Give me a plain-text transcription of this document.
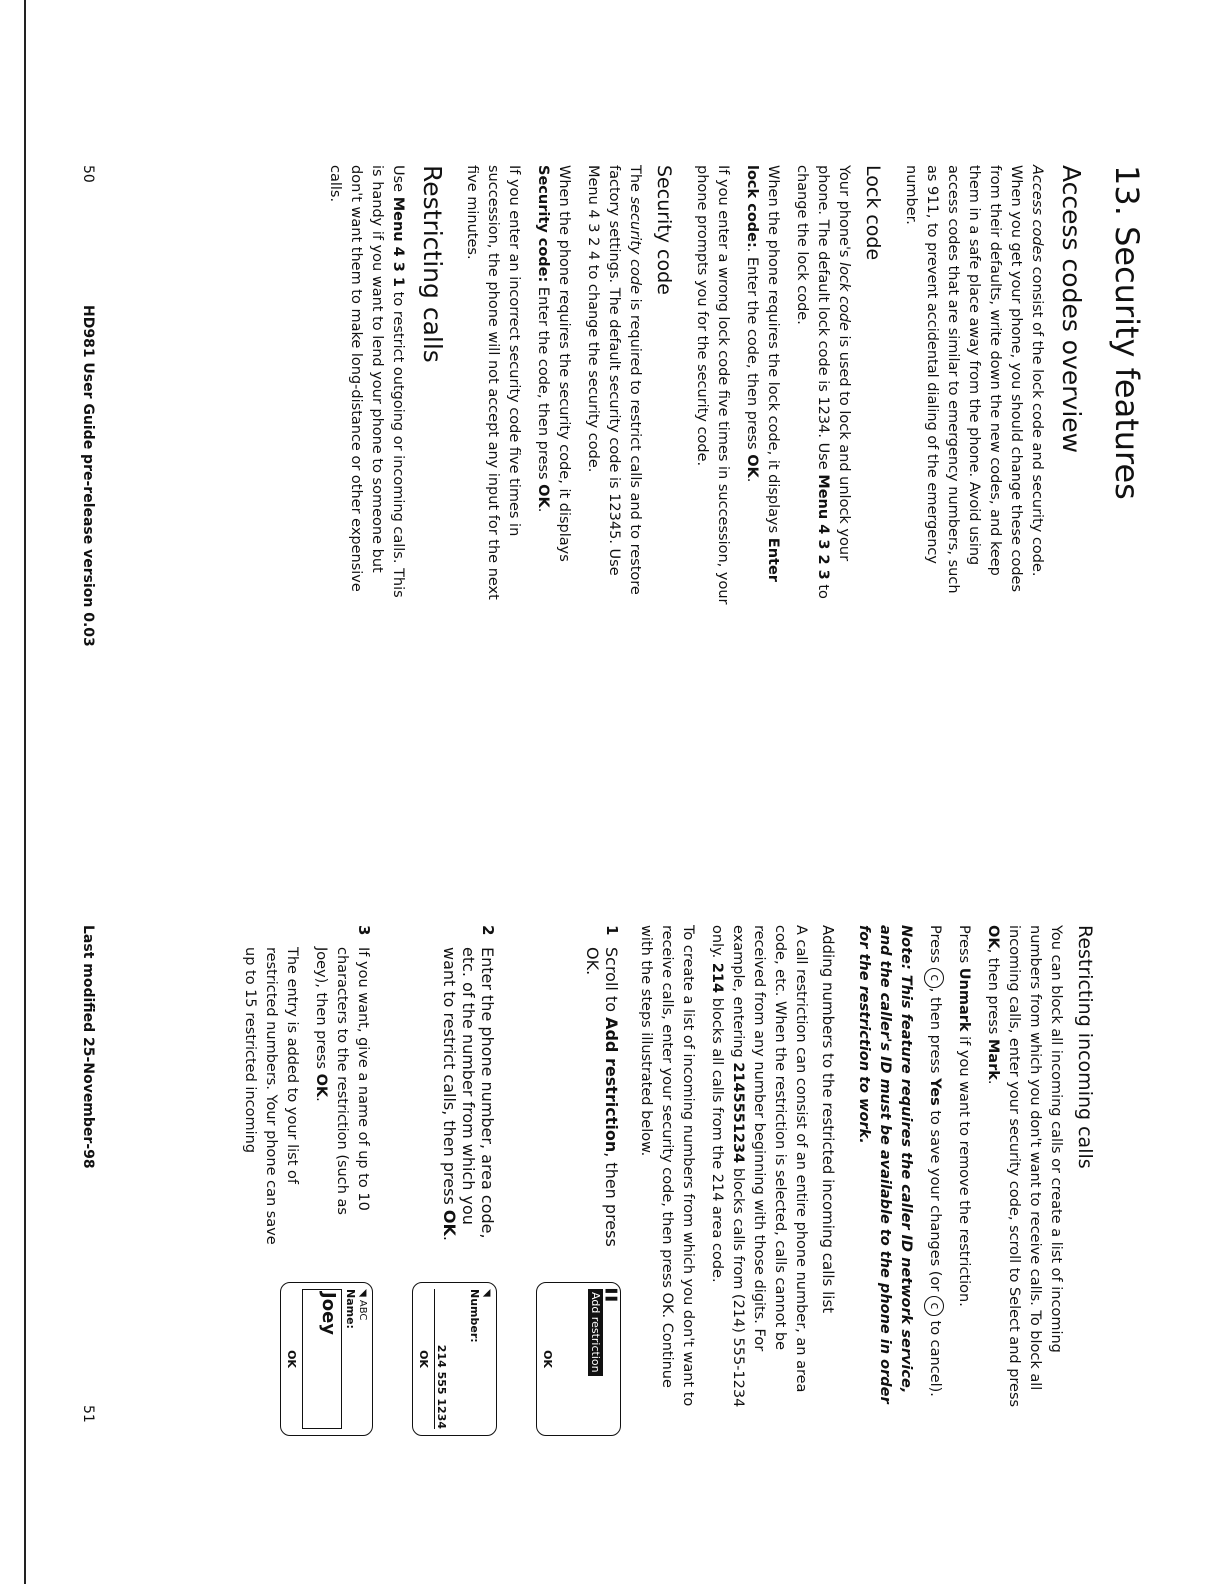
13. Security features
Access codes overview

Access codes consist of the lock code and security code. When you get your phone, you should change these codes from their defaults, write down the new codes, and keep them in a safe place away from the phone. Avoid using access codes that are similar to emergency numbers, such as 911, to prevent accidental dialing of the emergency number.

Lock code

Your phone's lock code is used to lock and unlock your phone. The default lock code is 1234. Use Menu 4 3 2 3 to change the lock code.

When the phone requires the lock code, it displays Enter lock code:. Enter the code, then press OK.

If you enter a wrong lock code five times in succession, your phone prompts you for the security code.

Security code

The security code is required to restrict calls and to restore factory settings. The default security code is 12345. Use Menu 4 3 2 4 to change the security code.

When the phone requires the security code, it displays Security code: Enter the code, then press OK.

If you enter an incorrect security code five times in succession, the phone will not accept any input for the next five minutes.

Restricting calls

Use Menu 4 3 1 to restrict outgoing or incoming calls. This is handy if you want to lend your phone to someone but don't want them to make long-distance or other expensive calls.

50
HD981 User Guide pre-release version 0.03
Restricting incoming calls

You can block all incoming calls or create a list of incoming numbers from which you don't want to receive calls. To block all incoming calls, enter your security code, scroll to Select and press OK, then press Mark.

Press Unmark if you want to remove the restriction.

Press c, then press Yes to save your changes (or c to cancel).

Note: This feature requires the caller ID network service, and the caller's ID must be available to the phone in order for the restriction to work.

Adding numbers to the restricted incoming calls list

A call restriction can consist of an entire phone number, an area code, etc. When the restriction is selected, calls cannot be received from any number beginning with those digits. For example, entering 2145551234 blocks calls from (214) 555-1234 only. 214 blocks all calls from the 214 area code.

To create a list of incoming numbers from which you don't want to receive calls, enter your security code, then press OK. Continue with the steps illustrated below.

1
Scroll to Add restriction, then press OK.
▌▌
Add restriction
OK
2
Enter the phone number, area code, etc. of the number from which you want to restrict calls, then press OK.
◥
Number:
214 555 1234
OK
3

If you want, give a name of up to 10 characters to the restriction (such as Joey), then press OK.

The entry is added to your list of restricted numbers. Your phone can save up to 15 restricted incoming

◥ ABC
Name:
Joey
OK
Last modified 25-November-98
51
